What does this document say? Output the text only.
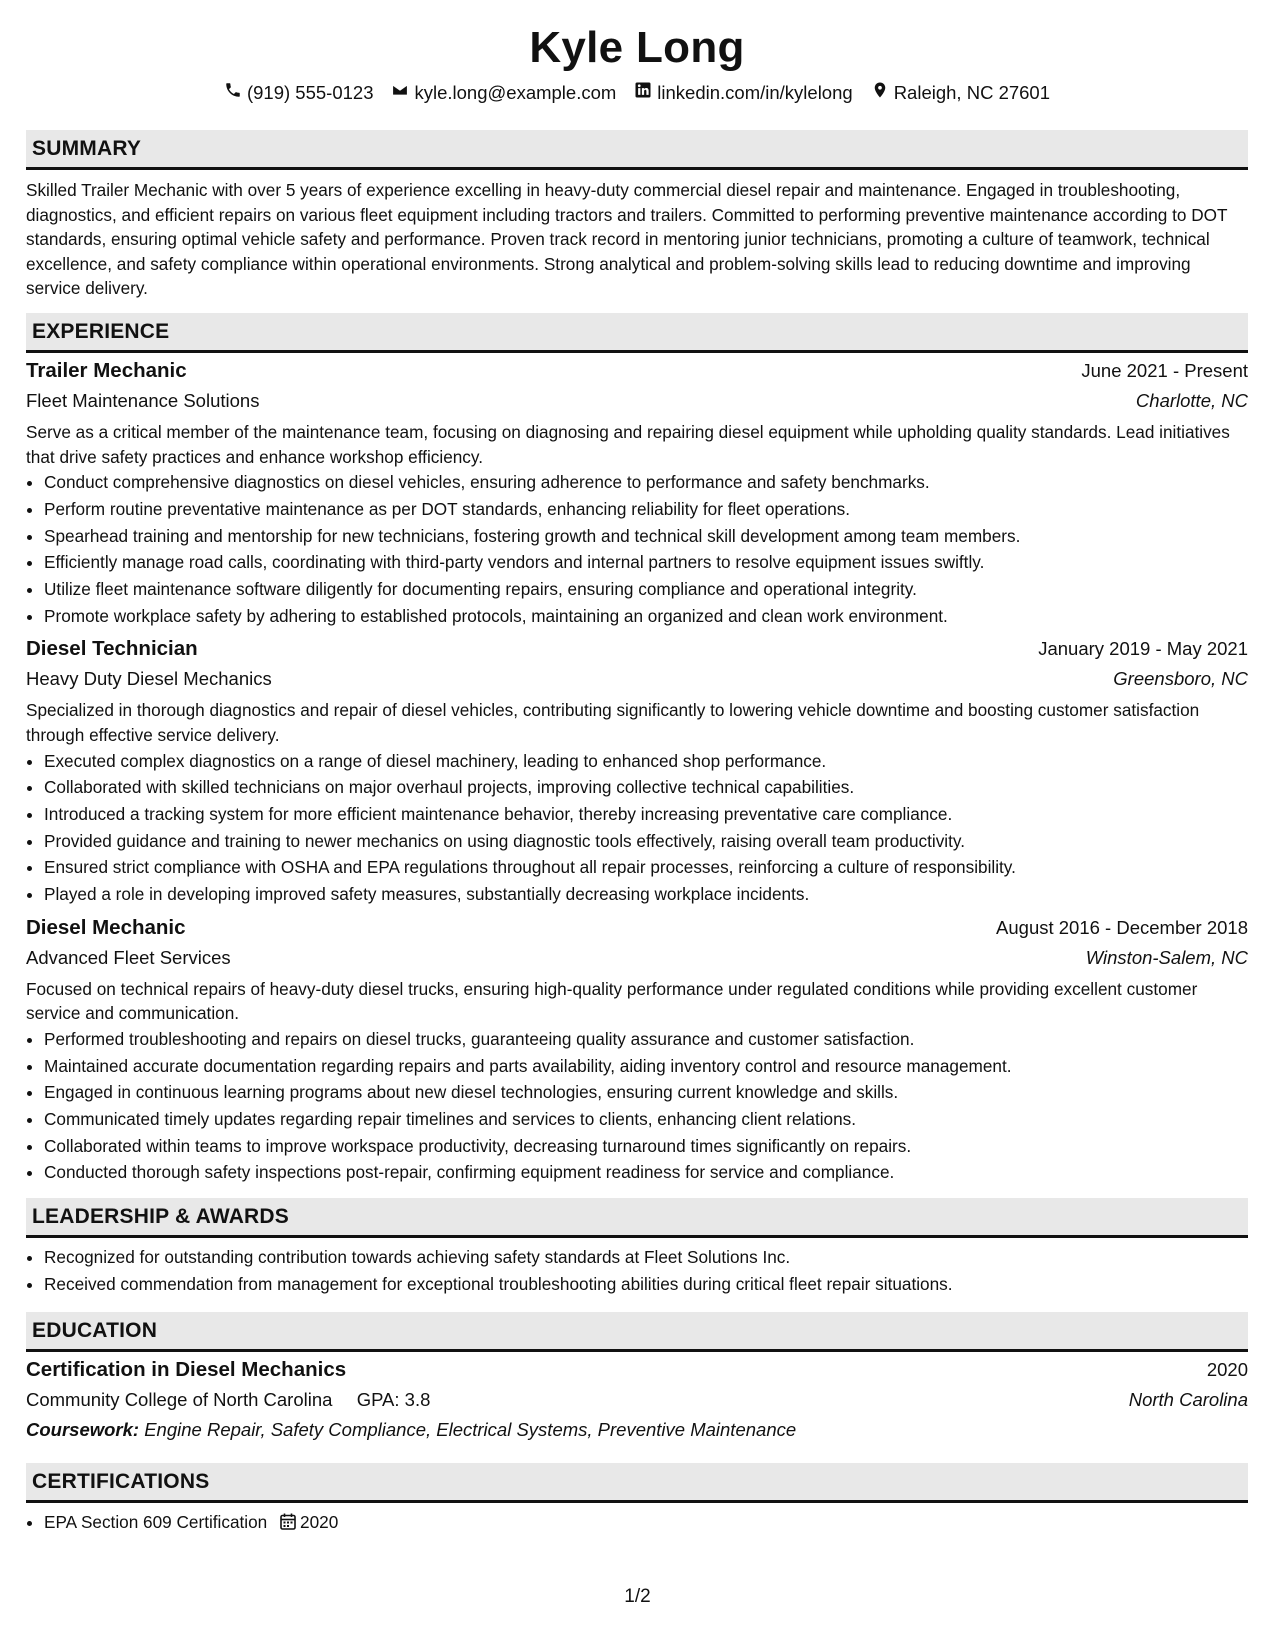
Kyle Long
(919) 555-0123 kyle.long@example.com linkedin.com/in/kylelong Raleigh, NC 27601
SUMMARY

Skilled Trailer Mechanic with over 5 years of experience excelling in heavy-duty commercial diesel repair and maintenance. Engaged in troubleshooting, diagnostics, and efficient repairs on various fleet equipment including tractors and trailers. Committed to performing preventive maintenance according to DOT standards, ensuring optimal vehicle safety and performance. Proven track record in mentoring junior technicians, promoting a culture of teamwork, technical excellence, and safety compliance within operational environments. Strong analytical and problem-solving skills lead to reducing downtime and improving service delivery.

EXPERIENCE
Trailer Mechanic	June 2021 - Present
Fleet Maintenance Solutions	Charlotte, NC

Serve as a critical member of the maintenance team, focusing on diagnosing and repairing diesel equipment while upholding quality standards. Lead initiatives that drive safety practices and enhance workshop efficiency.

• Conduct comprehensive diagnostics on diesel vehicles, ensuring adherence to performance and safety benchmarks.
• Perform routine preventative maintenance as per DOT standards, enhancing reliability for fleet operations.
• Spearhead training and mentorship for new technicians, fostering growth and technical skill development among team members.
• Efficiently manage road calls, coordinating with third-party vendors and internal partners to resolve equipment issues swiftly.
• Utilize fleet maintenance software diligently for documenting repairs, ensuring compliance and operational integrity.
• Promote workplace safety by adhering to established protocols, maintaining an organized and clean work environment.
Diesel Technician	January 2019 - May 2021
Heavy Duty Diesel Mechanics	Greensboro, NC

Specialized in thorough diagnostics and repair of diesel vehicles, contributing significantly to lowering vehicle downtime and boosting customer satisfaction through effective service delivery.

• Executed complex diagnostics on a range of diesel machinery, leading to enhanced shop performance.
• Collaborated with skilled technicians on major overhaul projects, improving collective technical capabilities.
• Introduced a tracking system for more efficient maintenance behavior, thereby increasing preventative care compliance.
• Provided guidance and training to newer mechanics on using diagnostic tools effectively, raising overall team productivity.
• Ensured strict compliance with OSHA and EPA regulations throughout all repair processes, reinforcing a culture of responsibility.
• Played a role in developing improved safety measures, substantially decreasing workplace incidents.
Diesel Mechanic	August 2016 - December 2018
Advanced Fleet Services	Winston-Salem, NC

Focused on technical repairs of heavy-duty diesel trucks, ensuring high-quality performance under regulated conditions while providing excellent customer service and communication.

• Performed troubleshooting and repairs on diesel trucks, guaranteeing quality assurance and customer satisfaction.
• Maintained accurate documentation regarding repairs and parts availability, aiding inventory control and resource management.
• Engaged in continuous learning programs about new diesel technologies, ensuring current knowledge and skills.
• Communicated timely updates regarding repair timelines and services to clients, enhancing client relations.
• Collaborated within teams to improve workspace productivity, decreasing turnaround times significantly on repairs.
• Conducted thorough safety inspections post-repair, confirming equipment readiness for service and compliance.
LEADERSHIP & AWARDS
• Recognized for outstanding contribution towards achieving safety standards at Fleet Solutions Inc.
• Received commendation from management for exceptional troubleshooting abilities during critical fleet repair situations.
EDUCATION
Certification in Diesel Mechanics	2020
Community College of North Carolina GPA: 3.8	North Carolina
Coursework: Engine Repair, Safety Compliance, Electrical Systems, Preventive Maintenance
CERTIFICATIONS
• EPA Section 609 Certification 2020
1/2
